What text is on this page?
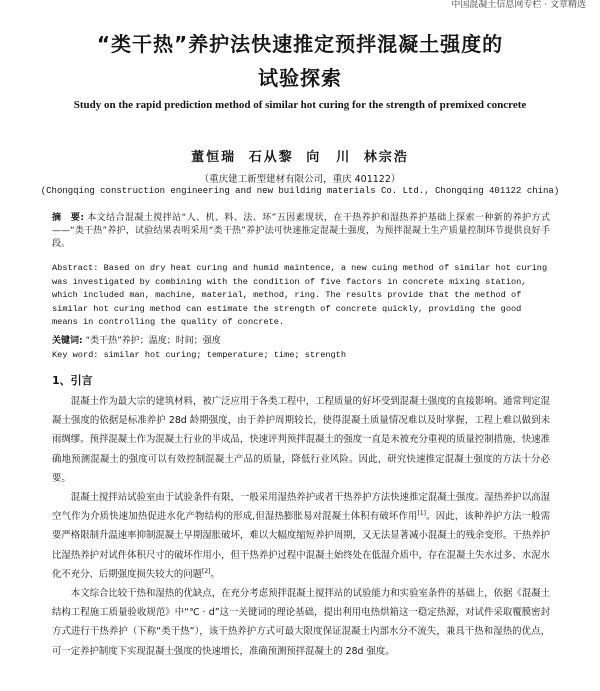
中国混凝土信息网专栏 · 文章精选
“类干热”养护法快速推定预拌混凝土强度的
试验探索
Study on the rapid prediction method of similar hot curing for the strength of premixed concrete
董恒瑞 石从黎 向　川 林宗浩
（重庆建工新型建材有限公司，重庆 401122）
(Chongqing construction engineering and new building materials Co. Ltd., Chongqing 401122 china)
摘　要: 本文结合混凝土搅拌站“人、机、料、法、环”五因素现状，在干热养护和湿热养护基础上探索一种新的养护方式——“类干热”养护，试验结果表明采用“类干热”养护法可快速推定混凝土强度，为预拌混凝土生产质量控制环节提供良好手段。
Abstract: Based on dry heat curing and humid maintence, a new cuing method of similar hot curing was investigated by combining with the condition of five factors in concrete mixing station, which included man, machine, material, method, ring. The results provide that the method of similar hot curing method can estimate the strength of concrete quickly, providing the good means in controlling the quality of concrete.
关键词: “类干热”养护；温度；时间；强度
Key word: similar hot curing; temperature; time; strength
1、引言
混凝土作为最大宗的建筑材料，被广泛应用于各类工程中，工程质量的好坏受到混凝土强度的直接影响。通常判定混凝土强度的依据是标准养护 28d 龄期强度，由于养护周期较长，使得混凝土质量情况难以及时掌握，工程上难以做到未雨绸缪。预拌混凝土作为混凝土行业的半成品，快速评判预拌混凝土的强度一直是未被充分重视的质量控制措施，快速准确地预测混凝土的强度可以有效控制混凝土产品的质量，降低行业风险。因此，研究快速推定混凝土强度的方法十分必要。
混凝土搅拌站试验室由于试验条件有限，一般采用湿热养护或者干热养护方法快速推定混凝土强度。湿热养护以高湿空气作为介质快速加热促进水化产物结构的形成,但湿热膨胀易对混凝土体积有破坏作用[1]。因此，该种养护方法一般需要严格限制升温速率抑制混凝土早期湿胀破坏，难以大幅度缩短养护周期，又无法显著减小混凝土的残余变形。干热养护比湿热养护对试件体积尺寸的破坏作用小，但干热养护过程中混凝土始终处在低湿介质中，存在混凝土失水过多、水泥水化不充分、后期强度损失较大的问题[2]。
本文综合比较干热和湿热的优缺点，在充分考虑预拌混凝土搅拌站的试验能力和实验室条件的基础上，依据《混凝土结构工程施工质量验收规范》中“℃ · d”这一关键词的理论基础，提出利用电热烘箱这一稳定热源，对试件采取覆膜密封方式进行干热养护（下称“类干热”），该干热养护方式可最大限度保证混凝土内部水分不流失，兼具干热和湿热的优点，可一定养护制度下实现混凝土强度的快速增长，准确预测预拌混凝土的 28d 强度。
